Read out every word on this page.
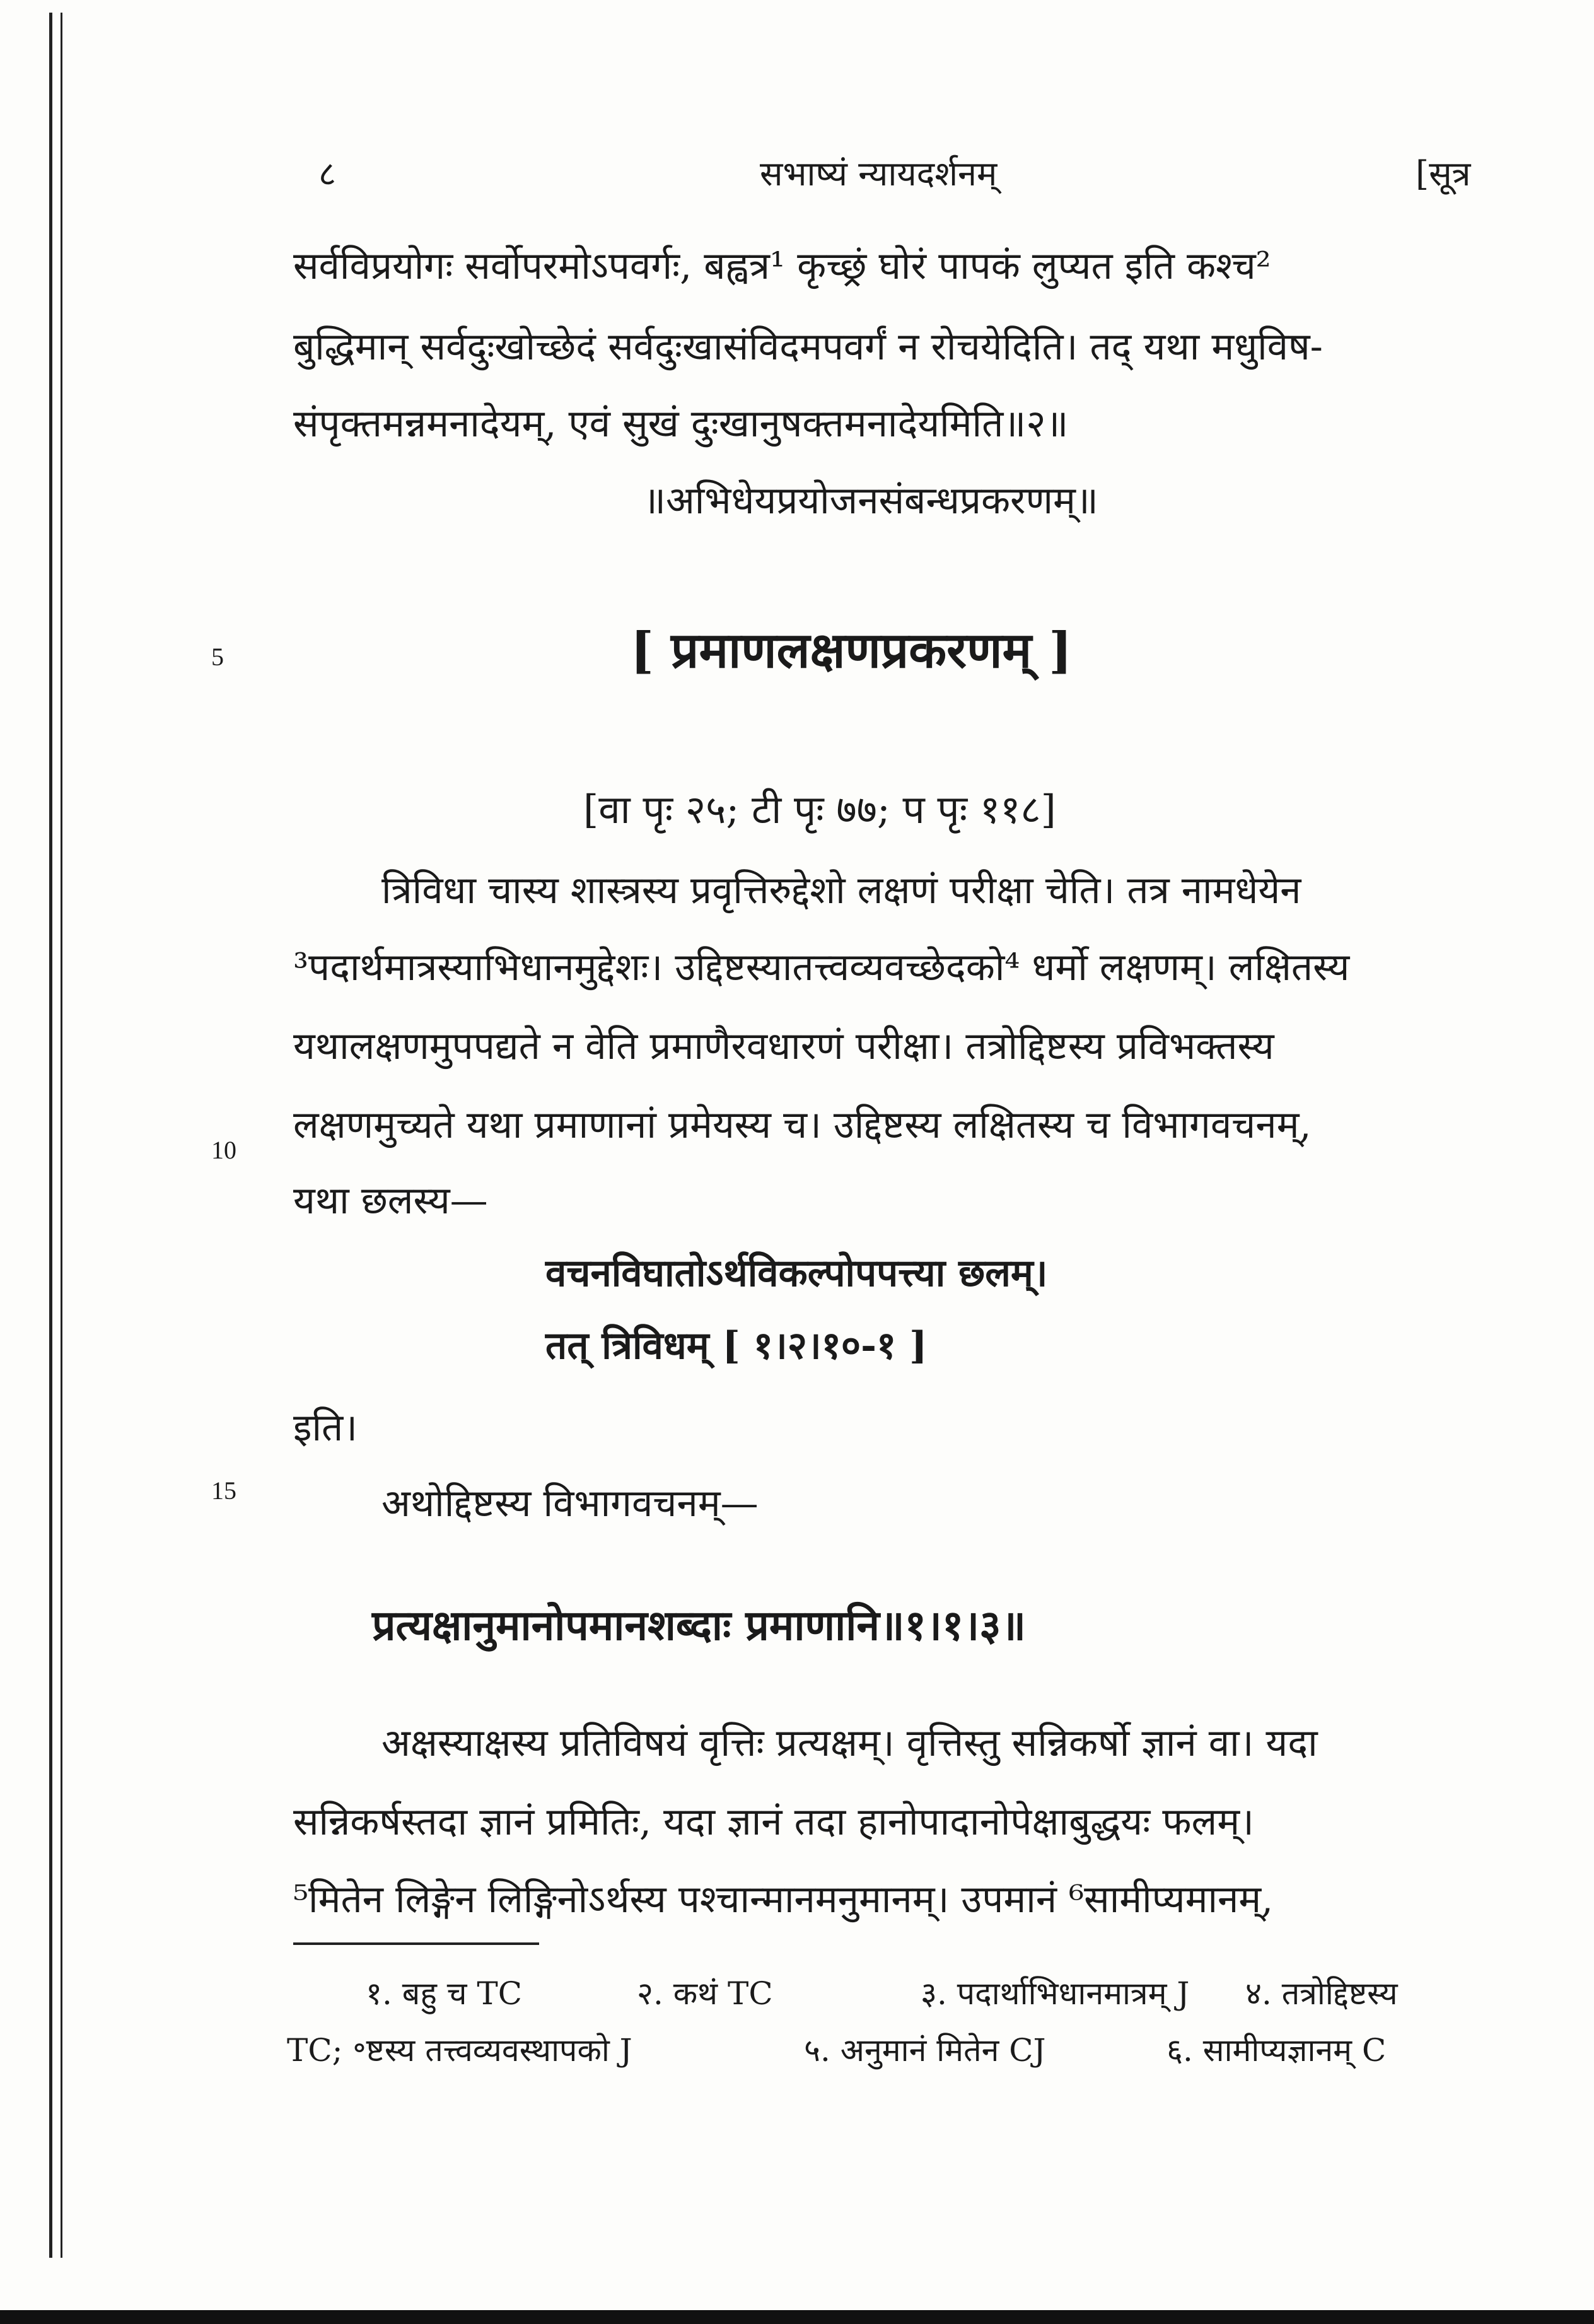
८	सभाष्यं न्यायदर्शनम्	[सूत्र
सर्वविप्रयोगः सर्वोपरमोऽपवर्गः, बह्वत्र¹ कृच्छ्रं घोरं पापकं लुप्यत इति कश्च²
बुद्धिमान् सर्वदुःखोच्छेदं सर्वदुःखासंविदमपवर्गं न रोचयेदिति। तद् यथा मधुविष-
संपृक्तमन्नमनादेयम्, एवं सुखं दुःखानुषक्तमनादेयमिति॥२॥
॥अभिधेयप्रयोजनसंबन्धप्रकरणम्॥
5
10
15
[ प्रमाणलक्षणप्रकरणम् ]
[वा पृः २५; टी पृः ७७; प पृः ११८]
त्रिविधा चास्य शास्त्रस्य प्रवृत्तिरुद्देशो लक्षणं परीक्षा चेति। तत्र नामधेयेन
³पदार्थमात्रस्याभिधानमुद्देशः। उद्दिष्टस्यातत्त्वव्यवच्छेदको⁴ धर्मो लक्षणम्। लक्षितस्य
यथालक्षणमुपपद्यते न वेति प्रमाणैरवधारणं परीक्षा। तत्रोद्दिष्टस्य प्रविभक्तस्य
लक्षणमुच्यते यथा प्रमाणानां प्रमेयस्य च। उद्दिष्टस्य लक्षितस्य च विभागवचनम्,
यथा छलस्य—
वचनविघातोऽर्थविकल्पोपपत्त्या छलम्।
तत् त्रिविधम् [ १।२।१०-१ ]
इति।
अथोद्दिष्टस्य विभागवचनम्—
प्रत्यक्षानुमानोपमानशब्दाः प्रमाणानि॥१।१।३॥
अक्षस्याक्षस्य प्रतिविषयं वृत्तिः प्रत्यक्षम्। वृत्तिस्तु सन्निकर्षो ज्ञानं वा। यदा
सन्निकर्षस्तदा ज्ञानं प्रमितिः, यदा ज्ञानं तदा हानोपादानोपेक्षाबुद्धयः फलम्।
⁵मितेन लिङ्गेन लिङ्गिनोऽर्थस्य पश्चान्मानमनुमानम्। उपमानं ⁶सामीप्यमानम्,
१. बहु च TC	२. कथं TC	३. पदार्थाभिधानमात्रम् J ४. तत्रोद्दिष्टस्य
TC; ॰ष्टस्य तत्त्वव्यवस्थापको J	५. अनुमानं मितेन CJ	६. सामीप्यज्ञानम् C
